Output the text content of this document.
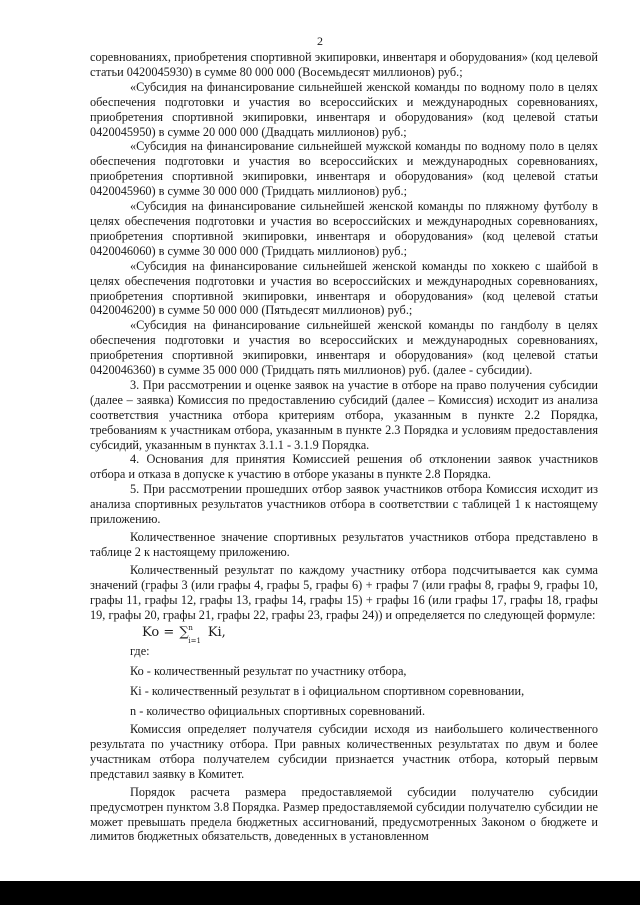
2

соревнованиях, приобретения спортивной экипировки, инвентаря и оборудования» (код целевой статьи 0420045930) в сумме 80 000 000 (Восемьдесят миллионов) руб.;

«Субсидия на финансирование сильнейшей женской команды по водному поло в целях обеспечения подготовки и участия во всероссийских и международных соревнованиях, приобретения спортивной экипировки, инвентаря и оборудования» (код целевой статьи 0420045950) в сумме 20 000 000 (Двадцать миллионов) руб.;

«Субсидия на финансирование сильнейшей мужской команды по водному поло в целях обеспечения подготовки и участия во всероссийских и международных соревнованиях, приобретения спортивной экипировки, инвентаря и оборудования» (код целевой статьи 0420045960) в сумме 30 000 000 (Тридцать миллионов) руб.;

«Субсидия на финансирование сильнейшей женской команды по пляжному футболу в целях обеспечения подготовки и участия во всероссийских и международных соревнованиях, приобретения спортивной экипировки, инвентаря и оборудования» (код целевой статьи 0420046060) в сумме 30 000 000 (Тридцать миллионов) руб.;

«Субсидия на финансирование сильнейшей женской команды по хоккею с шайбой в целях обеспечения подготовки и участия во всероссийских и международных соревнованиях, приобретения спортивной экипировки, инвентаря и оборудования» (код целевой статьи 0420046200) в сумме 50 000 000 (Пятьдесят миллионов) руб.;

«Субсидия на финансирование сильнейшей женской команды по гандболу в целях обеспечения подготовки и участия во всероссийских и международных соревнованиях, приобретения спортивной экипировки, инвентаря и оборудования» (код целевой статьи 0420046360) в сумме 35 000 000 (Тридцать пять миллионов) руб. (далее - субсидии).

3. При рассмотрении и оценке заявок на участие в отборе на право получения субсидии (далее – заявка) Комиссия по предоставлению субсидий (далее – Комиссия) исходит из анализа соответствия участника отбора критериям отбора, указанным в пункте 2.2 Порядка, требованиям к участникам отбора, указанным в пункте 2.3 Порядка и условиям предоставления субсидий, указанным в пунктах 3.1.1 - 3.1.9 Порядка.

4. Основания для принятия Комиссией решения об отклонении заявок участников отбора и отказа в допуске к участию в отборе указаны в пункте 2.8 Порядка.

5. При рассмотрении прошедших отбор заявок участников отбора Комиссия исходит из анализа спортивных результатов участников отбора в соответствии с таблицей 1 к настоящему приложению.

Количественное значение спортивных результатов участников отбора представлено в таблице 2 к настоящему приложению.

Количественный результат по каждому участнику отбора подсчитывается как сумма значений (графы 3 (или графы 4, графы 5, графы 6) + графы 7 (или графы 8, графы 9, графы 10, графы 11, графы 12, графы 13, графы 14, графы 15) + графы 16 (или графы 17, графы 18, графы 19, графы 20, графы 21, графы 22, графы 23, графы 24)) и определяется по следующей формуле:

Ko = ∑ n
i=1
Ki,

где:

Ко - количественный результат по участнику отбора,

Кi - количественный результат в i официальном спортивном соревновании,

n - количество официальных спортивных соревнований.

Комиссия определяет получателя субсидии исходя из наибольшего количественного результата по участнику отбора. При равных количественных результатах по двум и более участникам отбора получателем субсидии признается участник отбора, который первым представил заявку в Комитет.

Порядок расчета размера предоставляемой субсидии получателю субсидии предусмотрен пунктом 3.8 Порядка. Размер предоставляемой субсидии получателю субсидии не может превышать предела бюджетных ассигнований, предусмотренных Законом о бюджете и лимитов бюджетных обязательств, доведенных в установленном
